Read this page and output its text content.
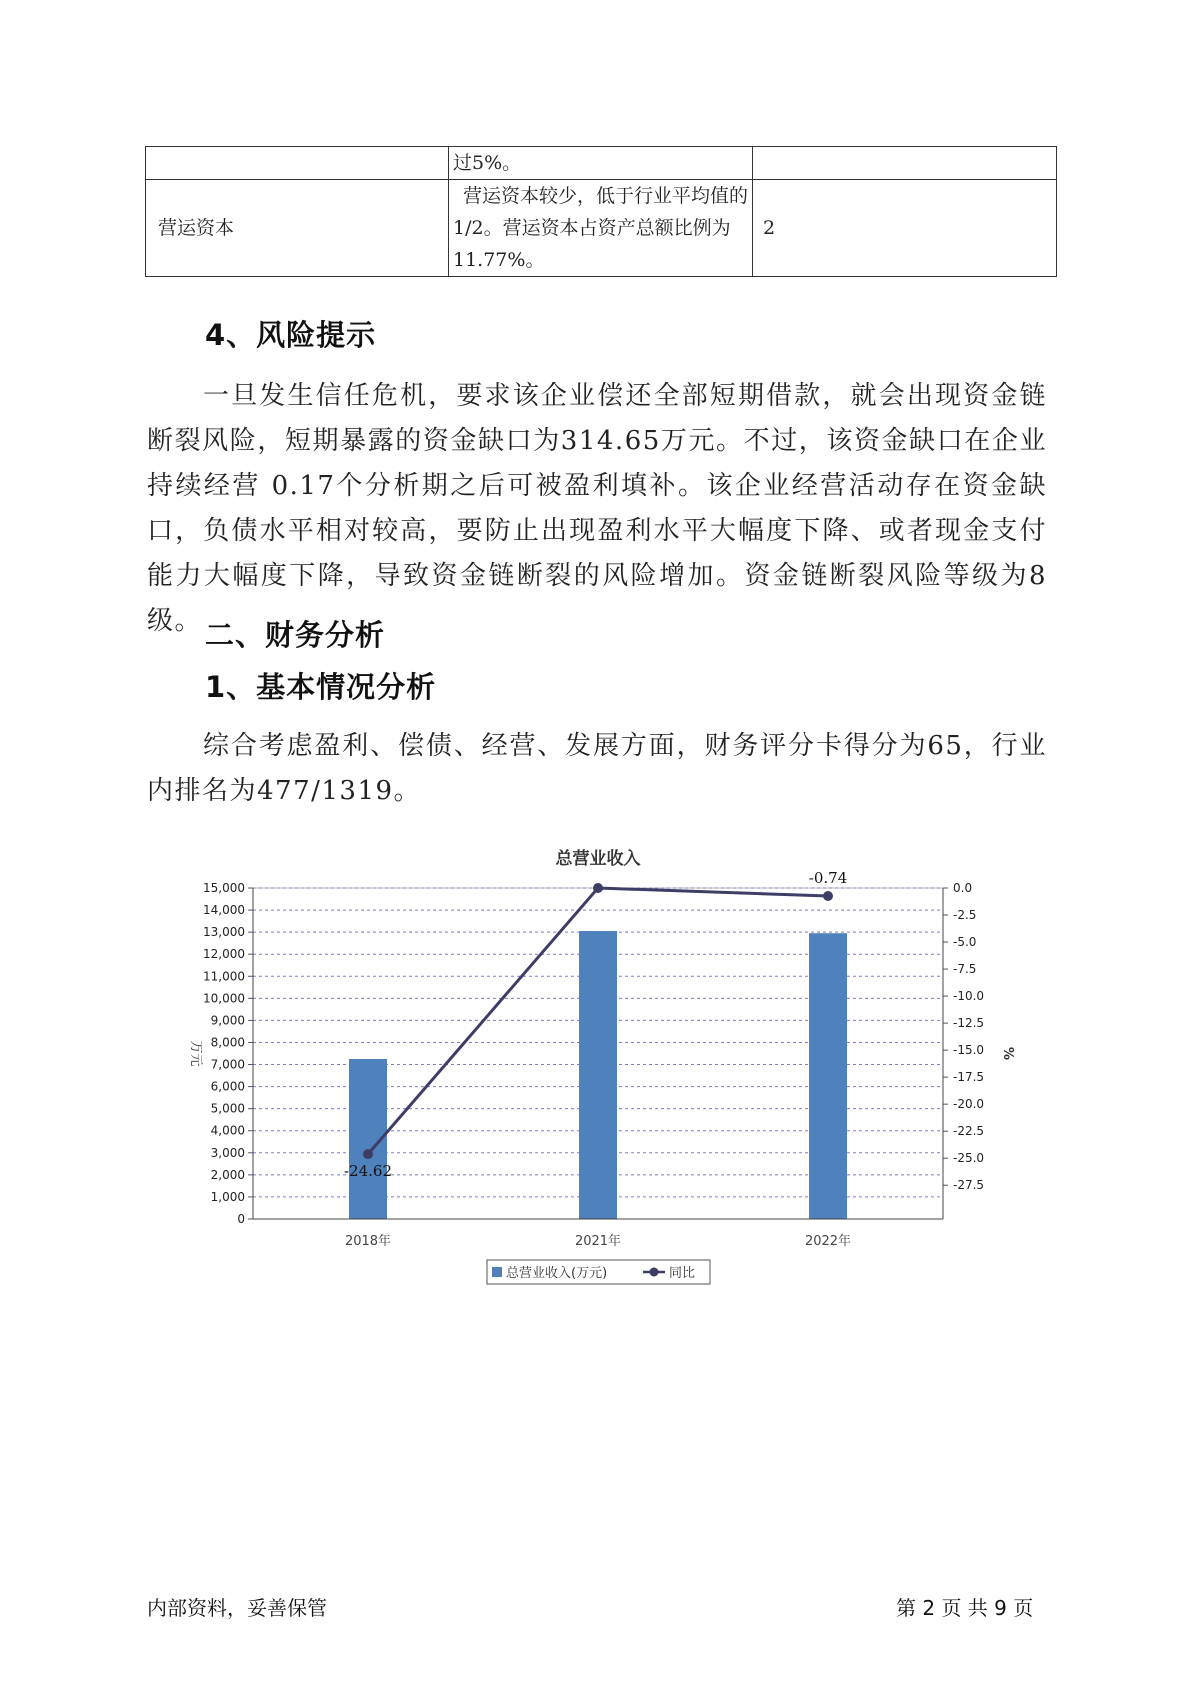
	过5%。	
营运资本	营运资本较少，低于行业平均值的1/2。营运资本占资产总额比例为11.77%。	2
4、风险提示

一旦发生信任危机，要求该企业偿还全部短期借款，就会出现资金链断裂风险，短期暴露的资金缺口为314.65万元。不过，该资金缺口在企业持续经营 0.17个分析期之后可被盈利填补。该企业经营活动存在资金缺口，负债水平相对较高，要防止出现盈利水平大幅度下降、或者现金支付能力大幅度下降，导致资金链断裂的风险增加。资金链断裂风险等级为8级。 二、财务分析
1、基本情况分析

综合考虑盈利、偿债、经营、发展方面，财务评分卡得分为65，行业内排名为477/1319。

总营业收入
0
1,000
2,000
3,000
4,000
5,000
6,000
7,000
8,000
9,000
10,000
11,000
12,000
13,000
14,000
15,000	0.0
-2.5
-5.0
-7.5
-10.0
-12.5
-15.0
-17.5
-20.0
-22.5
-25.0
-27.5
万元	%
2018年	2021年	2022年
-24.62
-0.74
总营业收入(万元)	同比
内部资料，妥善保管	第 2 页 共 9 页
